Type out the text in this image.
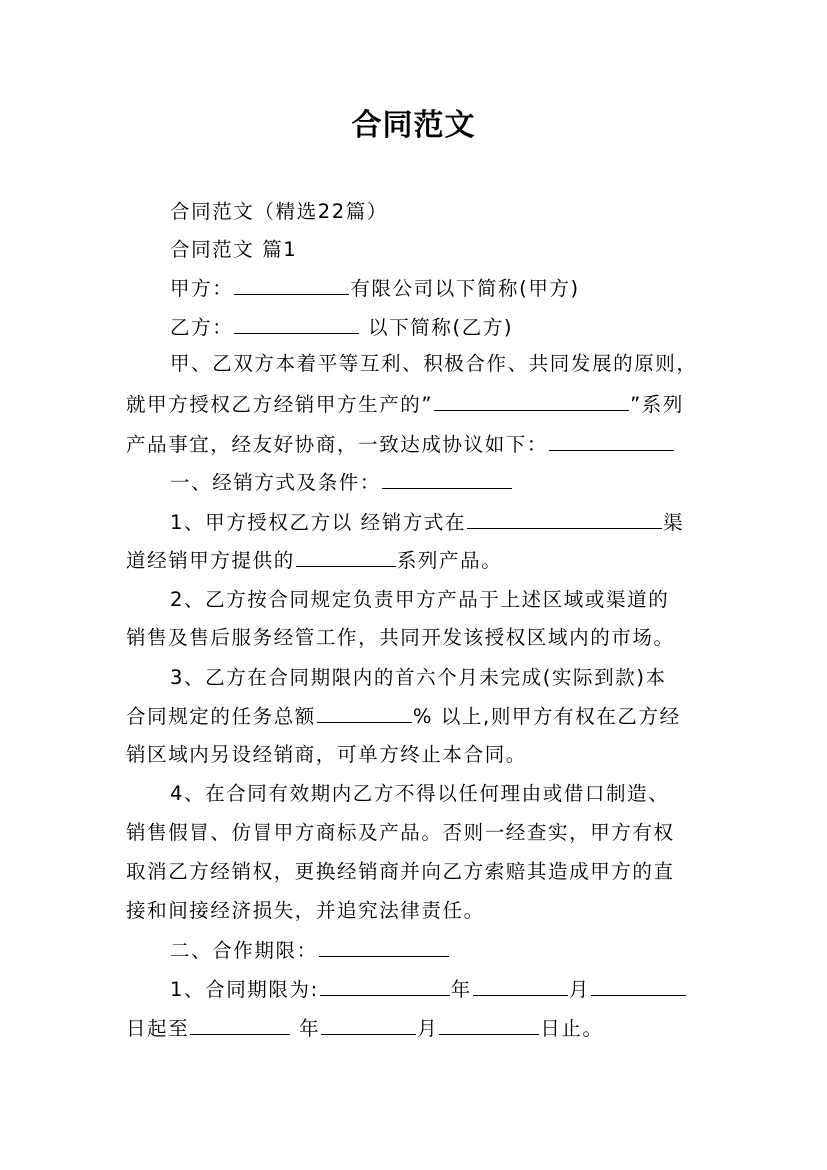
合同范文
合同范文（精选22篇）
合同范文 篇1
甲方：	有限公司以下简称(甲方)
乙方：	以下简称(乙方)
甲、乙双方本着平等互利、积极合作、共同发展的原则，
就甲方授权乙方经销甲方生产的”	”系列
产品事宜，经友好协商，一致达成协议如下：
一、经销方式及条件：
1、甲方授权乙方以 经销方式在	渠
道经销甲方提供的	系列产品。
2、乙方按合同规定负责甲方产品于上述区域或渠道的
销售及售后服务经管工作，共同开发该授权区域内的市场。
3、乙方在合同期限内的首六个月未完成(实际到款)本
合同规定的任务总额	% 以上,则甲方有权在乙方经
销区域内另设经销商，可单方终止本合同。
4、在合同有效期内乙方不得以任何理由或借口制造、
销售假冒、仿冒甲方商标及产品。否则一经查实，甲方有权
取消乙方经销权，更换经销商并向乙方索赔其造成甲方的直
接和间接经济损失，并追究法律责任。
二、合作期限：
1、合同期限为:	年	月
日起至	年	月	日止。
